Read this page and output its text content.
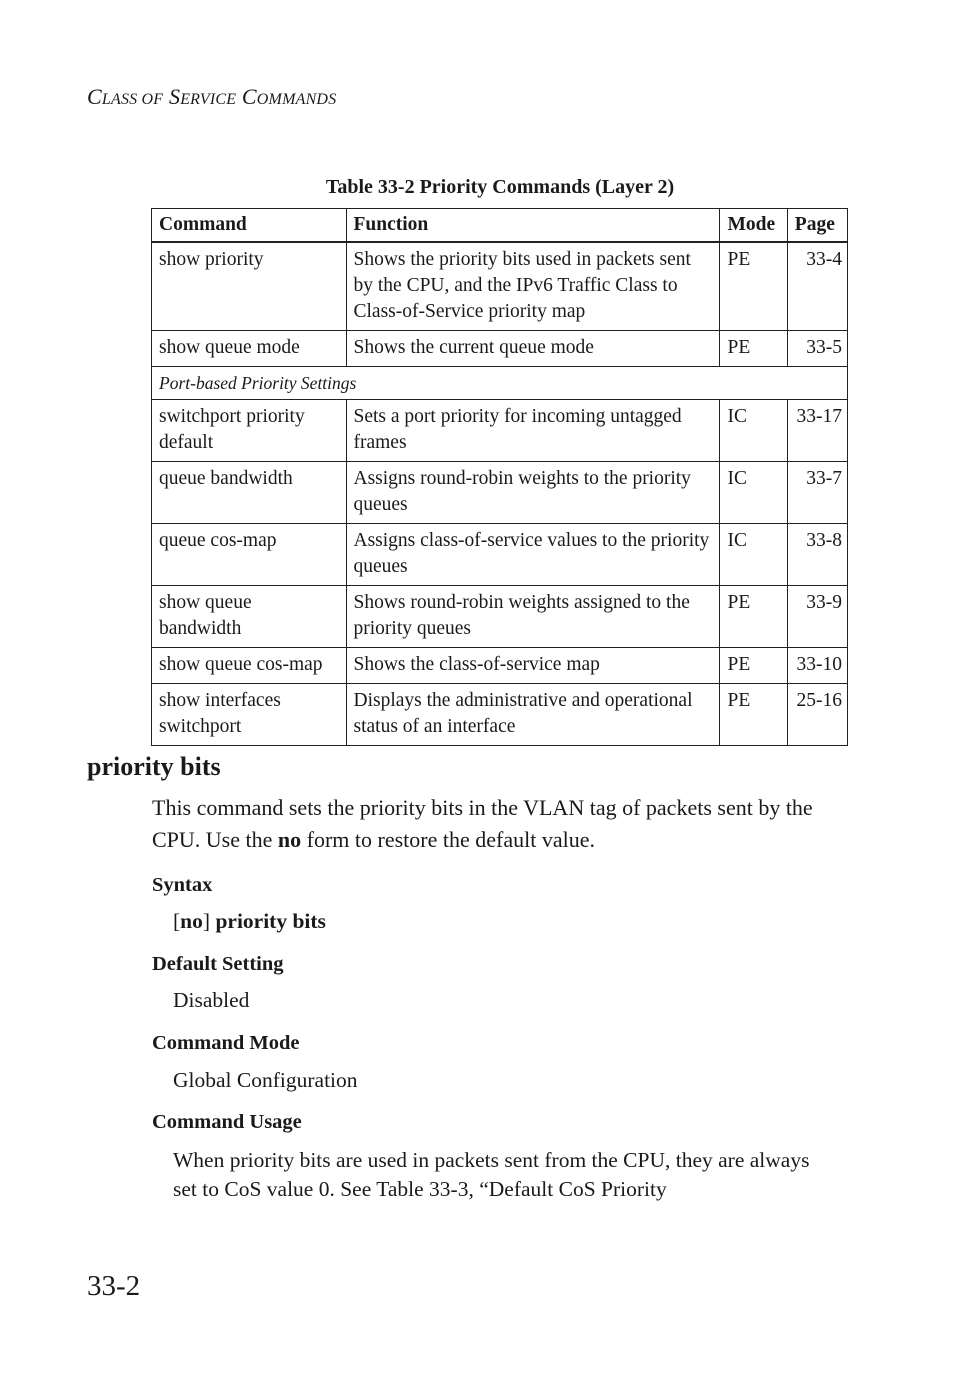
CLASS OF SERVICE COMMANDS
Table 33-2 Priority Commands (Layer 2)
Command	Function	Mode	Page
show priority	Shows the priority bits used in packets sent by the CPU, and the IPv6 Traffic Class to Class-of-Service priority map	PE	33-4
show queue mode	Shows the current queue mode	PE	33-5
Port-based Priority Settings			
switchport priority default	Sets a port priority for incoming untagged frames	IC	33-17
queue bandwidth	Assigns round-robin weights to the priority queues	IC	33-7
queue cos-map	Assigns class-of-service values to the priority queues	IC	33-8
show queue bandwidth	Shows round-robin weights assigned to the priority queues	PE	33-9
show queue cos-map	Shows the class-of-service map	PE	33-10
show interfaces switchport	Displays the administrative and operational status of an interface	PE	25-16
priority bits

This command sets the priority bits in the VLAN tag of packets sent by the CPU. Use the no form to restore the default value.

Syntax
[no] priority bits
Default Setting
Disabled
Command Mode
Global Configuration
Command Usage
When priority bits are used in packets sent from the CPU, they are always set to CoS value 0. See Table 33-3, “Default CoS Priority
33-2
